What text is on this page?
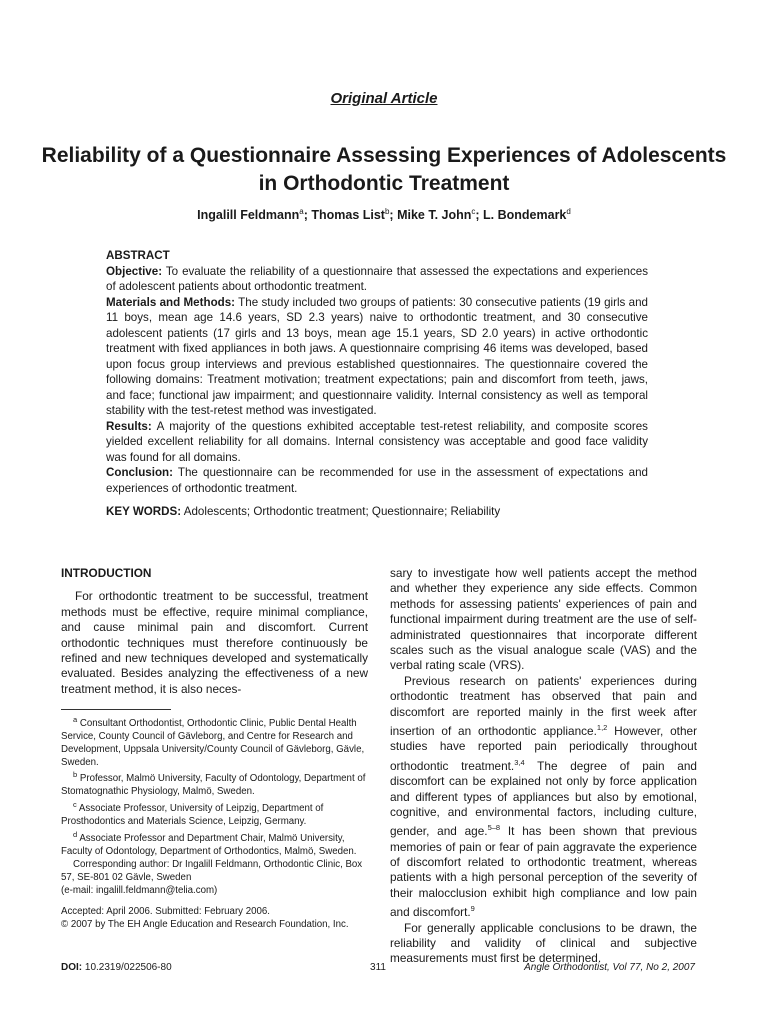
Original Article
Reliability of a Questionnaire Assessing Experiences of Adolescents in Orthodontic Treatment
Ingalill Feldmann$^a$; Thomas List$^b$; Mike T. John$^c$; L. Bondemark$^d$

ABSTRACT

Objective: To evaluate the reliability of a questionnaire that assessed the expectations and experiences of adolescent patients about orthodontic treatment.

Materials and Methods: The study included two groups of patients: 30 consecutive patients (19 girls and 11 boys, mean age 14.6 years, SD 2.3 years) naive to orthodontic treatment, and 30 consecutive adolescent patients (17 girls and 13 boys, mean age 15.1 years, SD 2.0 years) in active orthodontic treatment with fixed appliances in both jaws. A questionnaire comprising 46 items was developed, based upon focus group interviews and previous established questionnaires. The questionnaire covered the following domains: Treatment motivation; treatment expectations; pain and discomfort from teeth, jaws, and face; functional jaw impairment; and questionnaire validity. Internal consistency as well as temporal stability with the test-retest method was investigated.

Results: A majority of the questions exhibited acceptable test-retest reliability, and composite scores yielded excellent reliability for all domains. Internal consistency was acceptable and good face validity was found for all domains.

Conclusion: The questionnaire can be recommended for use in the assessment of expectations and experiences of orthodontic treatment.

KEY WORDS: Adolescents; Orthodontic treatment; Questionnaire; Reliability

INTRODUCTION

For orthodontic treatment to be successful, treatment methods must be effective, require minimal compliance, and cause minimal pain and discomfort. Current orthodontic techniques must therefore continuously be refined and new techniques developed and systematically evaluated. Besides analyzing the effectiveness of a new treatment method, it is also neces-

$^a$ Consultant Orthodontist, Orthodontic Clinic, Public Dental Health Service, County Council of Gävleborg, and Centre for Research and Development, Uppsala University/County Council of Gävleborg, Gävle, Sweden.

$^b$ Professor, Malmö University, Faculty of Odontology, Department of Stomatognathic Physiology, Malmö, Sweden.

$^c$ Associate Professor, University of Leipzig, Department of Prosthodontics and Materials Science, Leipzig, Germany.

$^d$ Associate Professor and Department Chair, Malmö University, Faculty of Odontology, Department of Orthodontics, Malmö, Sweden.

Corresponding author: Dr Ingalill Feldmann, Orthodontic Clinic, Box 57, SE-801 02 Gävle, Sweden

(e-mail: ingalill.feldmann@telia.com)

Accepted: April 2006. Submitted: February 2006.

© 2007 by The EH Angle Education and Research Foundation, Inc.

sary to investigate how well patients accept the method and whether they experience any side effects. Common methods for assessing patients' experiences of pain and functional impairment during treatment are the use of self-administrated questionnaires that incorporate different scales such as the visual analogue scale (VAS) and the verbal rating scale (VRS).

Previous research on patients' experiences during orthodontic treatment has observed that pain and discomfort are reported mainly in the first week after insertion of an orthodontic appliance.$^{1,2}$ However, other studies have reported pain periodically throughout orthodontic treatment.$^{3,4}$ The degree of pain and discomfort can be explained not only by force application and different types of appliances but also by emotional, cognitive, and environmental factors, including culture, gender, and age.$^{5-8}$ It has been shown that previous memories of pain or fear of pain aggravate the experience of discomfort related to orthodontic treatment, whereas patients with a high personal perception of the severity of their malocclusion exhibit high compliance and low pain and discomfort.$^9$

For generally applicable conclusions to be drawn, the reliability and validity of clinical and subjective measurements must first be determined.

DOI: 10.2319/022506-80	311	Angle Orthodontist, Vol 77, No 2, 2007
